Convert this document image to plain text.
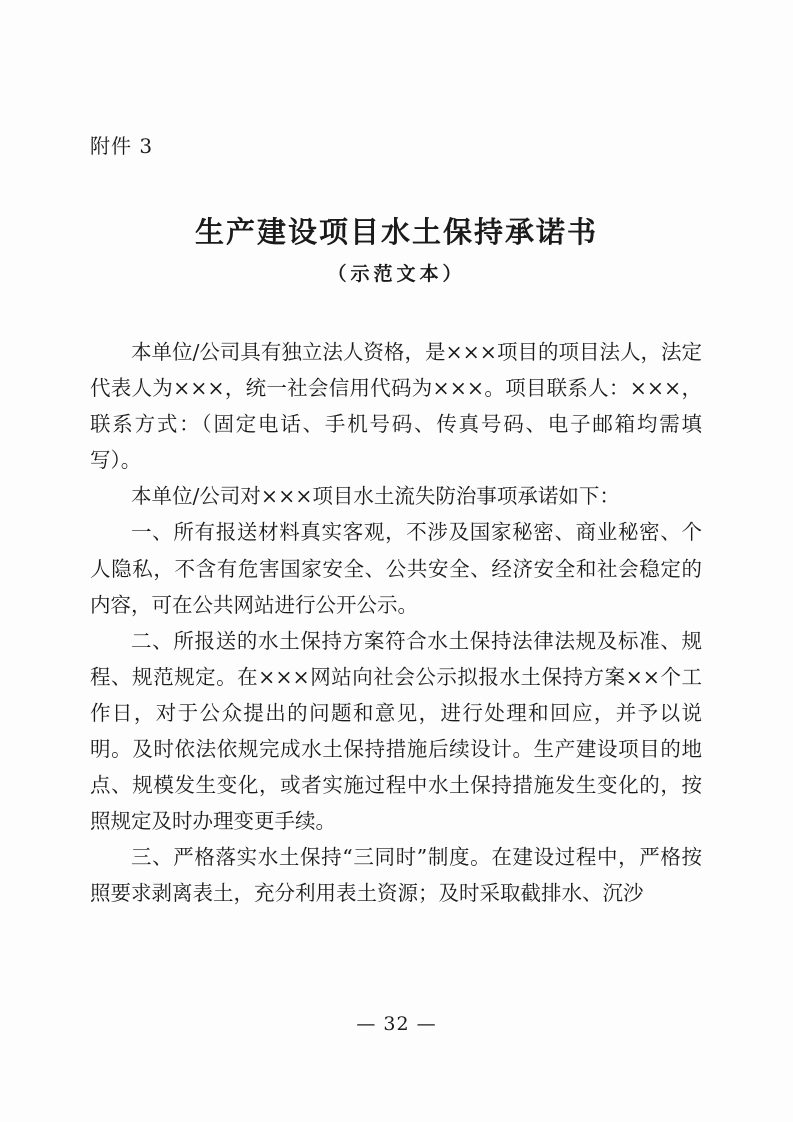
附件 3
生产建设项目水土保持承诺书
（示范文本）

本单位/公司具有独立法人资格，是×××项目的项目法人，法定代表人为×××，统一社会信用代码为×××。项目联系人：×××，联系方式：（固定电话、手机号码、传真号码、电子邮箱均需填写）。

本单位/公司对×××项目水土流失防治事项承诺如下：

一、所有报送材料真实客观，不涉及国家秘密、商业秘密、个人隐私，不含有危害国家安全、公共安全、经济安全和社会稳定的内容，可在公共网站进行公开公示。

二、所报送的水土保持方案符合水土保持法律法规及标准、规程、规范规定。在×××网站向社会公示拟报水土保持方案××个工作日，对于公众提出的问题和意见，进行处理和回应，并予以说明。及时依法依规完成水土保持措施后续设计。生产建设项目的地点、规模发生变化，或者实施过程中水土保持措施发生变化的，按照规定及时办理变更手续。

三、严格落实水土保持“三同时”制度。在建设过程中，严格按照要求剥离表土，充分利用表土资源；及时采取截排水、沉沙

— 32 —
